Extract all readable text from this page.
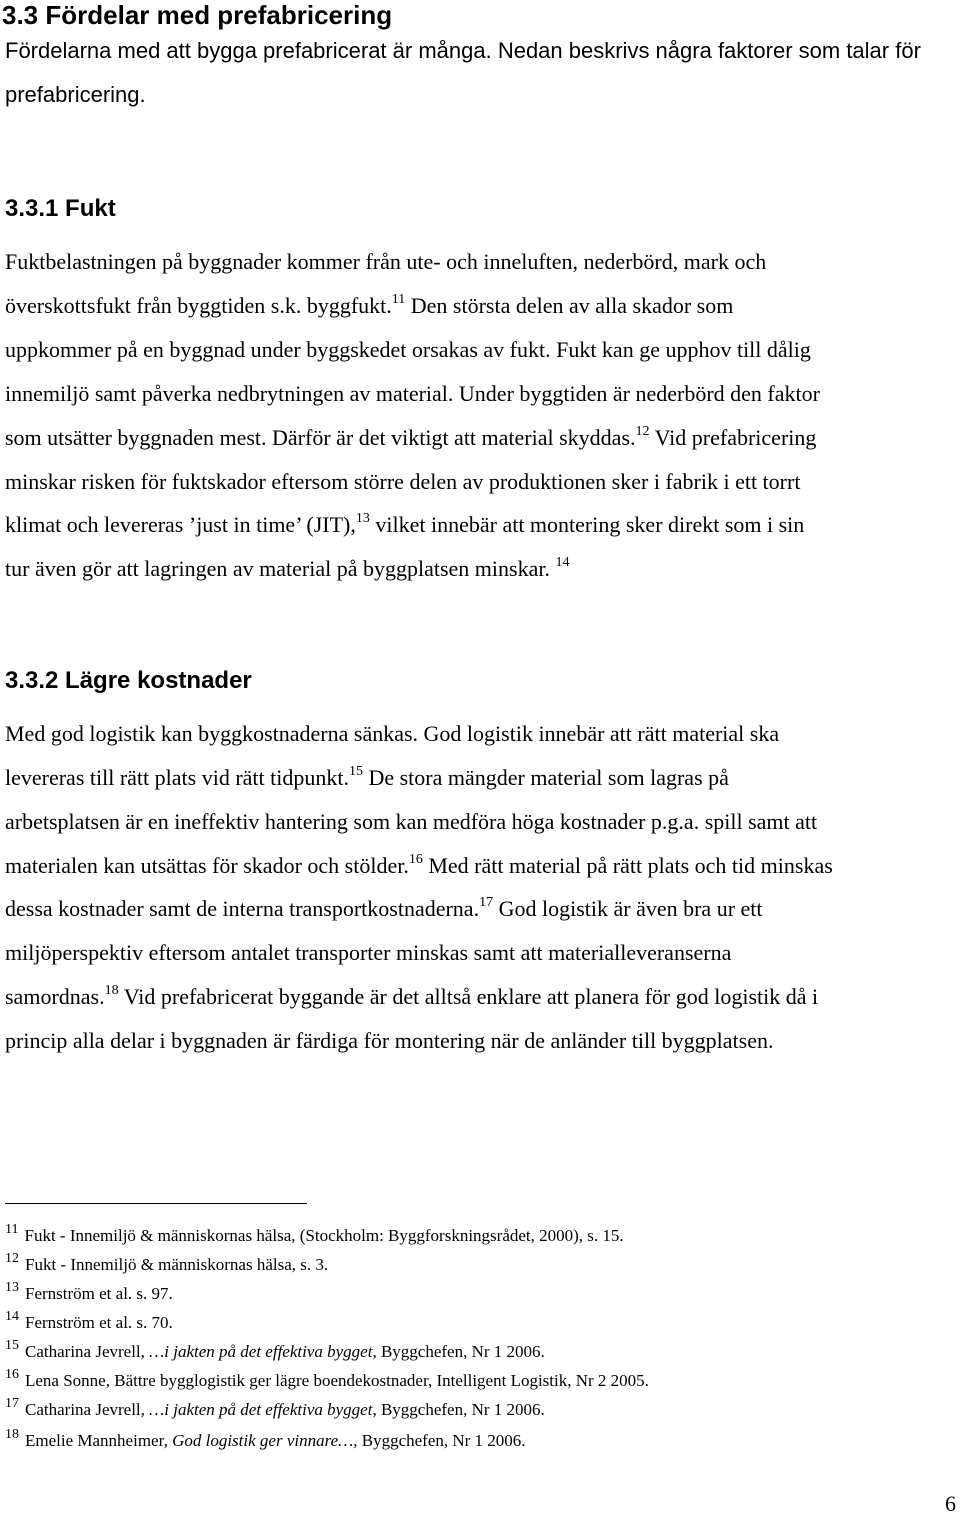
3.3 Fördelar med prefabricering
Fördelarna med att bygga prefabricerat är många. Nedan beskrivs några faktorer som talar för
prefabricering.
3.3.1 Fukt
Fuktbelastningen på byggnader kommer från ute- och inneluften, nederbörd, mark och
överskottsfukt från byggtiden s.k. byggfukt.$^{11}$ Den största delen av alla skador som
uppkommer på en byggnad under byggskedet orsakas av fukt. Fukt kan ge upphov till dålig
innemiljö samt påverka nedbrytningen av material. Under byggtiden är nederbörd den faktor
som utsätter byggnaden mest. Därför är det viktigt att material skyddas.$^{12}$ Vid prefabricering
minskar risken för fuktskador eftersom större delen av produktionen sker i fabrik i ett torrt
klimat och levereras ’just in time’ (JIT),$^{13}$ vilket innebär att montering sker direkt som i sin
tur även gör att lagringen av material på byggplatsen minskar. $^{14}$
3.3.2 Lägre kostnader
Med god logistik kan byggkostnaderna sänkas. God logistik innebär att rätt material ska
levereras till rätt plats vid rätt tidpunkt.$^{15}$ De stora mängder material som lagras på
arbetsplatsen är en ineffektiv hantering som kan medföra höga kostnader p.g.a. spill samt att
materialen kan utsättas för skador och stölder.$^{16}$ Med rätt material på rätt plats och tid minskas
dessa kostnader samt de interna transportkostnaderna.$^{17}$ God logistik är även bra ur ett
miljöperspektiv eftersom antalet transporter minskas samt att materialleveranserna
samordnas.$^{18}$ Vid prefabricerat byggande är det alltså enklare att planera för god logistik då i
princip alla delar i byggnaden är färdiga för montering när de anländer till byggplatsen.
$^{11}$ Fukt - Innemiljö & människornas hälsa, (Stockholm: Byggforskningsrådet, 2000), s. 15.
$^{12}$ Fukt - Innemiljö & människornas hälsa, s. 3.
$^{13}$ Fernström et al. s. 97.
$^{14}$ Fernström et al. s. 70.
$^{15}$ Catharina Jevrell, …i jakten på det effektiva bygget, Byggchefen, Nr 1 2006.
$^{16}$ Lena Sonne, Bättre bygglogistik ger lägre boendekostnader, Intelligent Logistik, Nr 2 2005.
$^{17}$ Catharina Jevrell, …i jakten på det effektiva bygget, Byggchefen, Nr 1 2006.
$^{18}$ Emelie Mannheimer, God logistik ger vinnare…, Byggchefen, Nr 1 2006.
6
